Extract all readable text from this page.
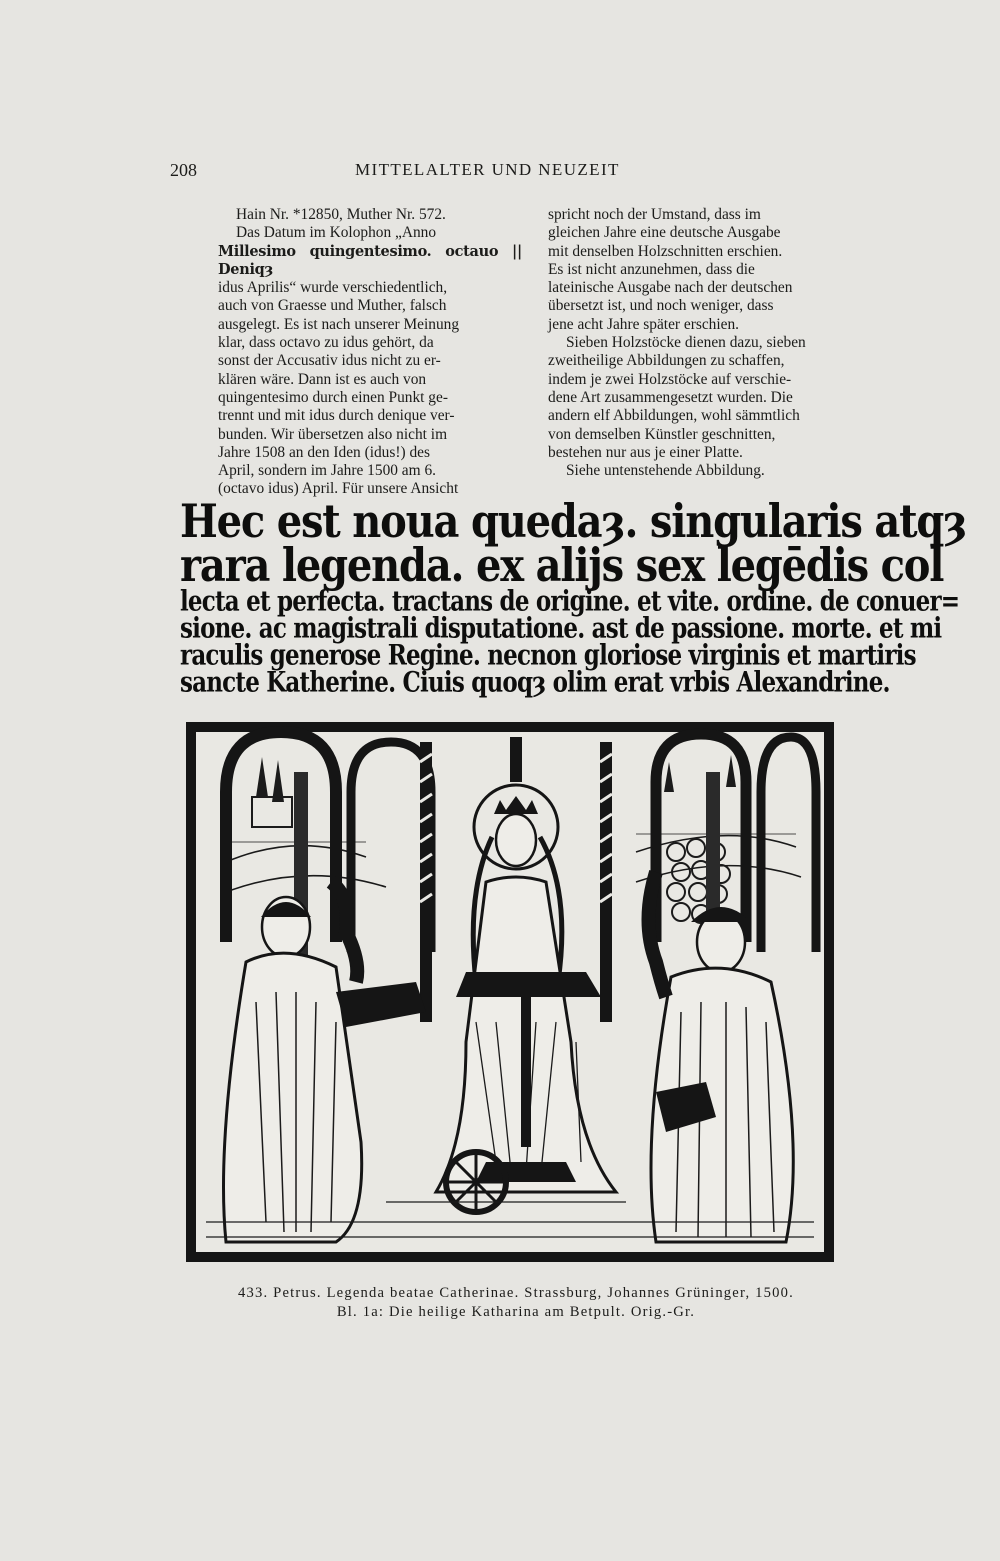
208	MITTELALTER UND NEUZEIT

Hain Nr. *12850, Muther Nr. 572.

Das Datum im Kolophon „Anno

Millesimo quingentesimo. octauo || Deniqȝ

idus Aprilis“ wurde verschiedentlich,

auch von Graesse und Muther, falsch

ausgelegt. Es ist nach unserer Meinung

klar, dass octavo zu idus gehört, da

sonst der Accusativ idus nicht zu er-

klären wäre. Dann ist es auch von

quingentesimo durch einen Punkt ge-

trennt und mit idus durch denique ver-

bunden. Wir übersetzen also nicht im

Jahre 1508 an den Iden (idus!) des

April, sondern im Jahre 1500 am 6.

(octavo idus) April. Für unsere Ansicht

spricht noch der Umstand, dass im

gleichen Jahre eine deutsche Ausgabe

mit denselben Holzschnitten erschien.

Es ist nicht anzunehmen, dass die

lateinische Ausgabe nach der deutschen

übersetzt ist, und noch weniger, dass

jene acht Jahre später erschien.

Sieben Holzstöcke dienen dazu, sieben

zweitheilige Abbildungen zu schaffen,

indem je zwei Holzstöcke auf verschie-

dene Art zusammengesetzt wurden. Die

andern elf Abbildungen, wohl sämmtlich

von demselben Künstler geschnitten,

bestehen nur aus je einer Platte.

Siehe untenstehende Abbildung.

Hec est noua quedaȝ. singularis atqȝ
rara legenda. ex alijs sex legēdis col
lecta et perfecta. tractans de origine. et vite. ordine. de conuer=
sione. ac magistrali disputatione. ast de passione. morte. et mi
raculis generose Regine. necnon gloriose virginis et martiris
sancte Katherine. Ciuis quoqȝ olim erat vrbis Alexandrine.
433. Petrus. Legenda beatae Catherinae. Strassburg, Johannes Grüninger, 1500.
Bl. 1a: Die heilige Katharina am Betpult. Orig.-Gr.
